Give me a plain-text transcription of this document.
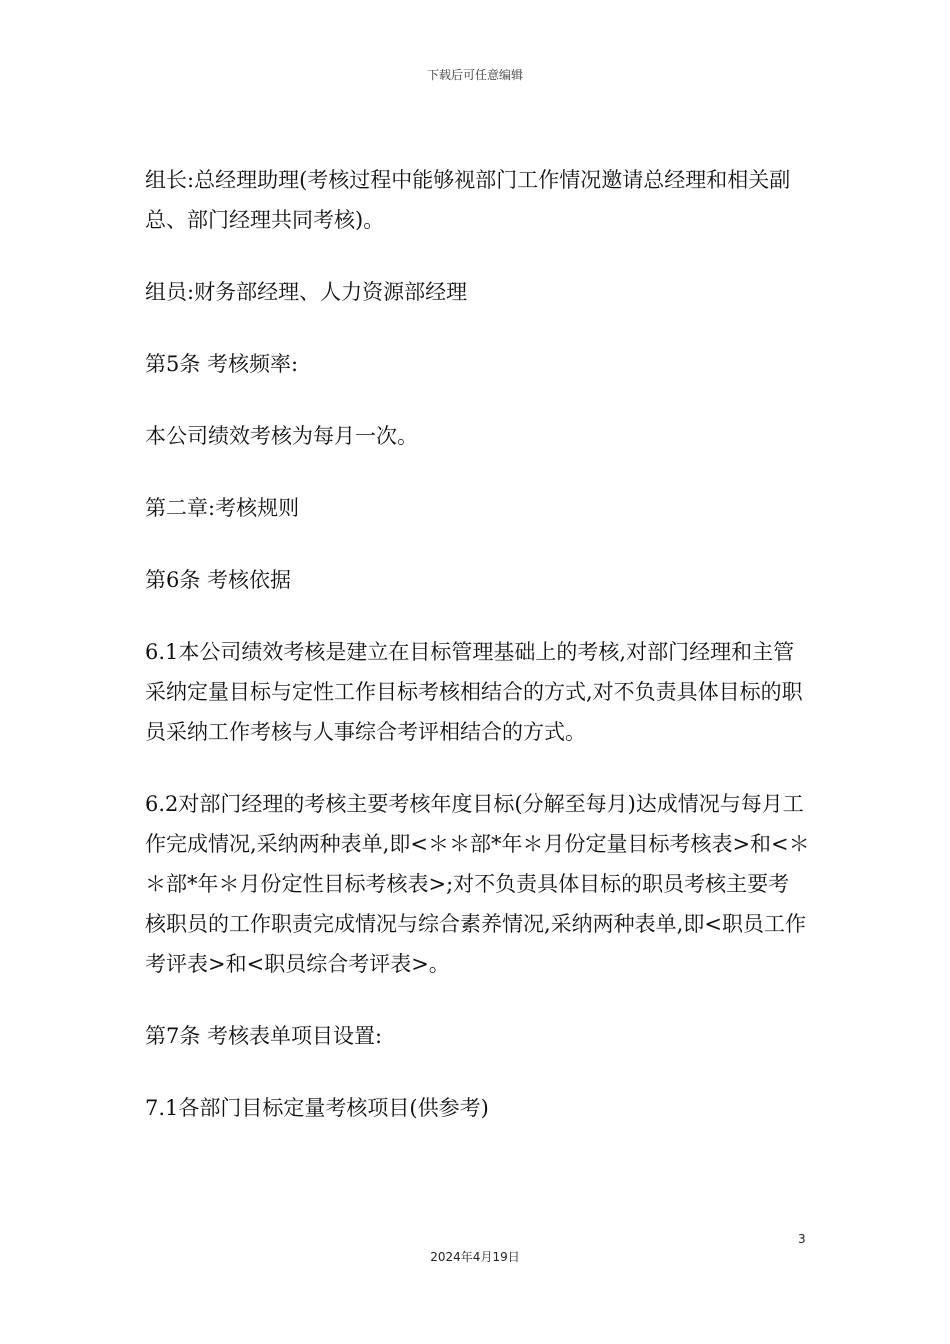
下载后可任意编辑

组长:总经理助理(考核过程中能够视部门工作情况邀请总经理和相关副总、部门经理共同考核)。

组员:财务部经理、人力资源部经理

第5条 考核频率:

本公司绩效考核为每月一次。

第二章:考核规则

第6条 考核依据

6.1本公司绩效考核是建立在目标管理基础上的考核,对部门经理和主管采纳定量目标与定性工作目标考核相结合的方式,对不负责具体目标的职员采纳工作考核与人事综合考评相结合的方式。

6.2对部门经理的考核主要考核年度目标(分解至每月)达成情况与每月工作完成情况,采纳两种表单,即<＊＊部*年＊月份定量目标考核表>和<＊＊部*年＊月份定性目标考核表>;对不负责具体目标的职员考核主要考核职员的工作职责完成情况与综合素养情况,采纳两种表单,即<职员工作考评表>和<职员综合考评表>。

第7条 考核表单项目设置:

7.1各部门目标定量考核项目(供参考)

3
2024年4月19日
